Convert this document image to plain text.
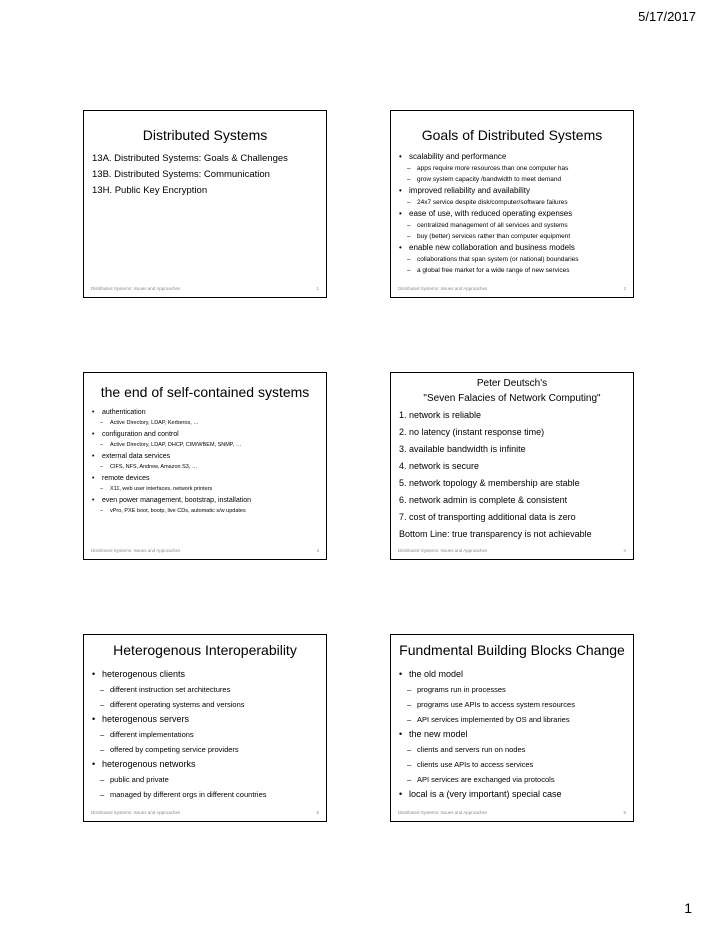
5/17/2017
Distributed Systems
13A. Distributed Systems: Goals & Challenges
13B. Distributed Systems: Communication
13H. Public Key Encryption
Distributed Systems: Issues and Approaches	1
Goals of Distributed Systems
• scalability and performance
– apps require more resources than one computer has
– grow system capacity /bandwidth to meet demand
• improved reliability and availability
– 24x7 service despite disk/computer/software failures
• ease of use, with reduced operating expenses
– centralized management of all services and systems
– buy (better) services rather than computer equipment
• enable new collaboration and business models
– collaborations that span system (or national) boundaries
– a global free market for a wide range of new services
Distributed Systems: Issues and Approaches	2
the end of self-contained systems
• authentication
– Active Directory, LDAP, Kerberos, …
• configuration and control
– Active Directory, LDAP, DHCP, CIM/WBEM, SNMP, …
• external data services
– CIFS, NFS, Andrew, Amazon S3, …
• remote devices
– X11, web user interfaces, network printers
• even power management, bootstrap, installation
– vPro, PXE boot, bootp, live CDs, automatic s/w updates
Distributed Systems: Issues and Approaches	3
Peter Deutsch's
"Seven Falacies of Network Computing"
1. network is reliable
2. no latency (instant response time)
3. available bandwidth is infinite
4. network is secure
5. network topology & membership are stable
6. network admin is complete & consistent
7. cost of transporting additional data is zero
Bottom Line: true transparency is not achievable
Distributed Systems: Issues and Approaches	4
Heterogenous Interoperability
• heterogenous clients
– different instruction set architectures
– different operating systems and versions
• heterogenous servers
– different implementations
– offered by competing service providers
• heterogenous networks
– public and private
– managed by different orgs in different countries
Distributed Systems: Issues and Approaches	5
Fundmental Building Blocks Change
• the old model
– programs run in processes
– programs use APIs to access system resources
– API services implemented by OS and libraries
• the new model
– clients and servers run on nodes
– clients use APIs to access services
– API services are exchanged via protocols
• local is a (very important) special case
Distributed Systems: Issues and Approaches	6
1
